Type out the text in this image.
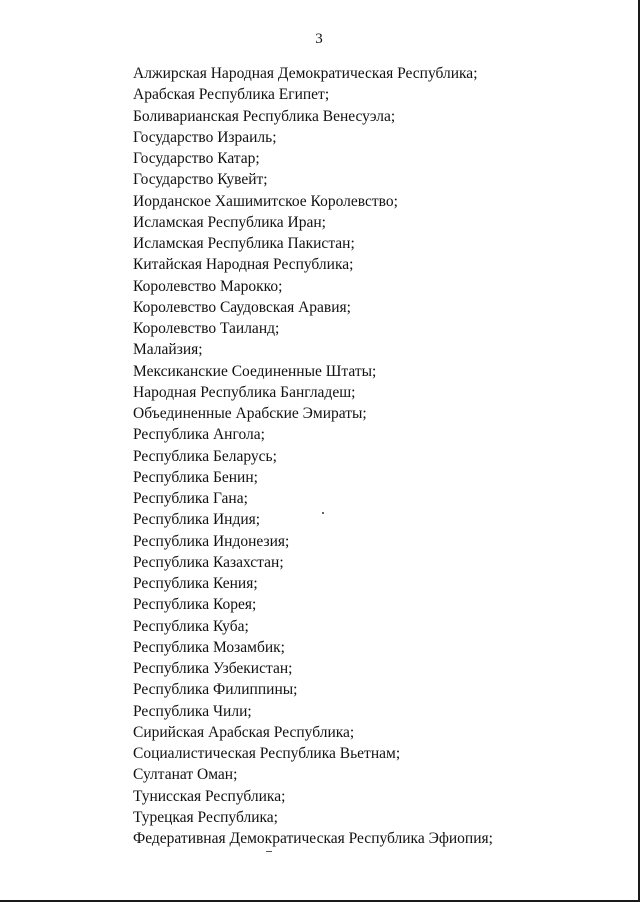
3
Алжирская Народная Демократическая Республика;
Арабская Республика Египет;
Боливарианская Республика Венесуэла;
Государство Израиль;
Государство Катар;
Государство Кувейт;
Иорданское Хашимитское Королевство;
Исламская Республика Иран;
Исламская Республика Пакистан;
Китайская Народная Республика;
Королевство Марокко;
Королевство Саудовская Аравия;
Королевство Таиланд;
Малайзия;
Мексиканские Соединенные Штаты;
Народная Республика Бангладеш;
Объединенные Арабские Эмираты;
Республика Ангола;
Республика Беларусь;
Республика Бенин;
Республика Гана;
Республика Индия;
Республика Индонезия;
Республика Казахстан;
Республика Кения;
Республика Корея;
Республика Куба;
Республика Мозамбик;
Республика Узбекистан;
Республика Филиппины;
Республика Чили;
Сирийская Арабская Республика;
Социалистическая Республика Вьетнам;
Султанат Оман;
Тунисская Республика;
Турецкая Республика;
Федеративная Демократическая Республика Эфиопия;
